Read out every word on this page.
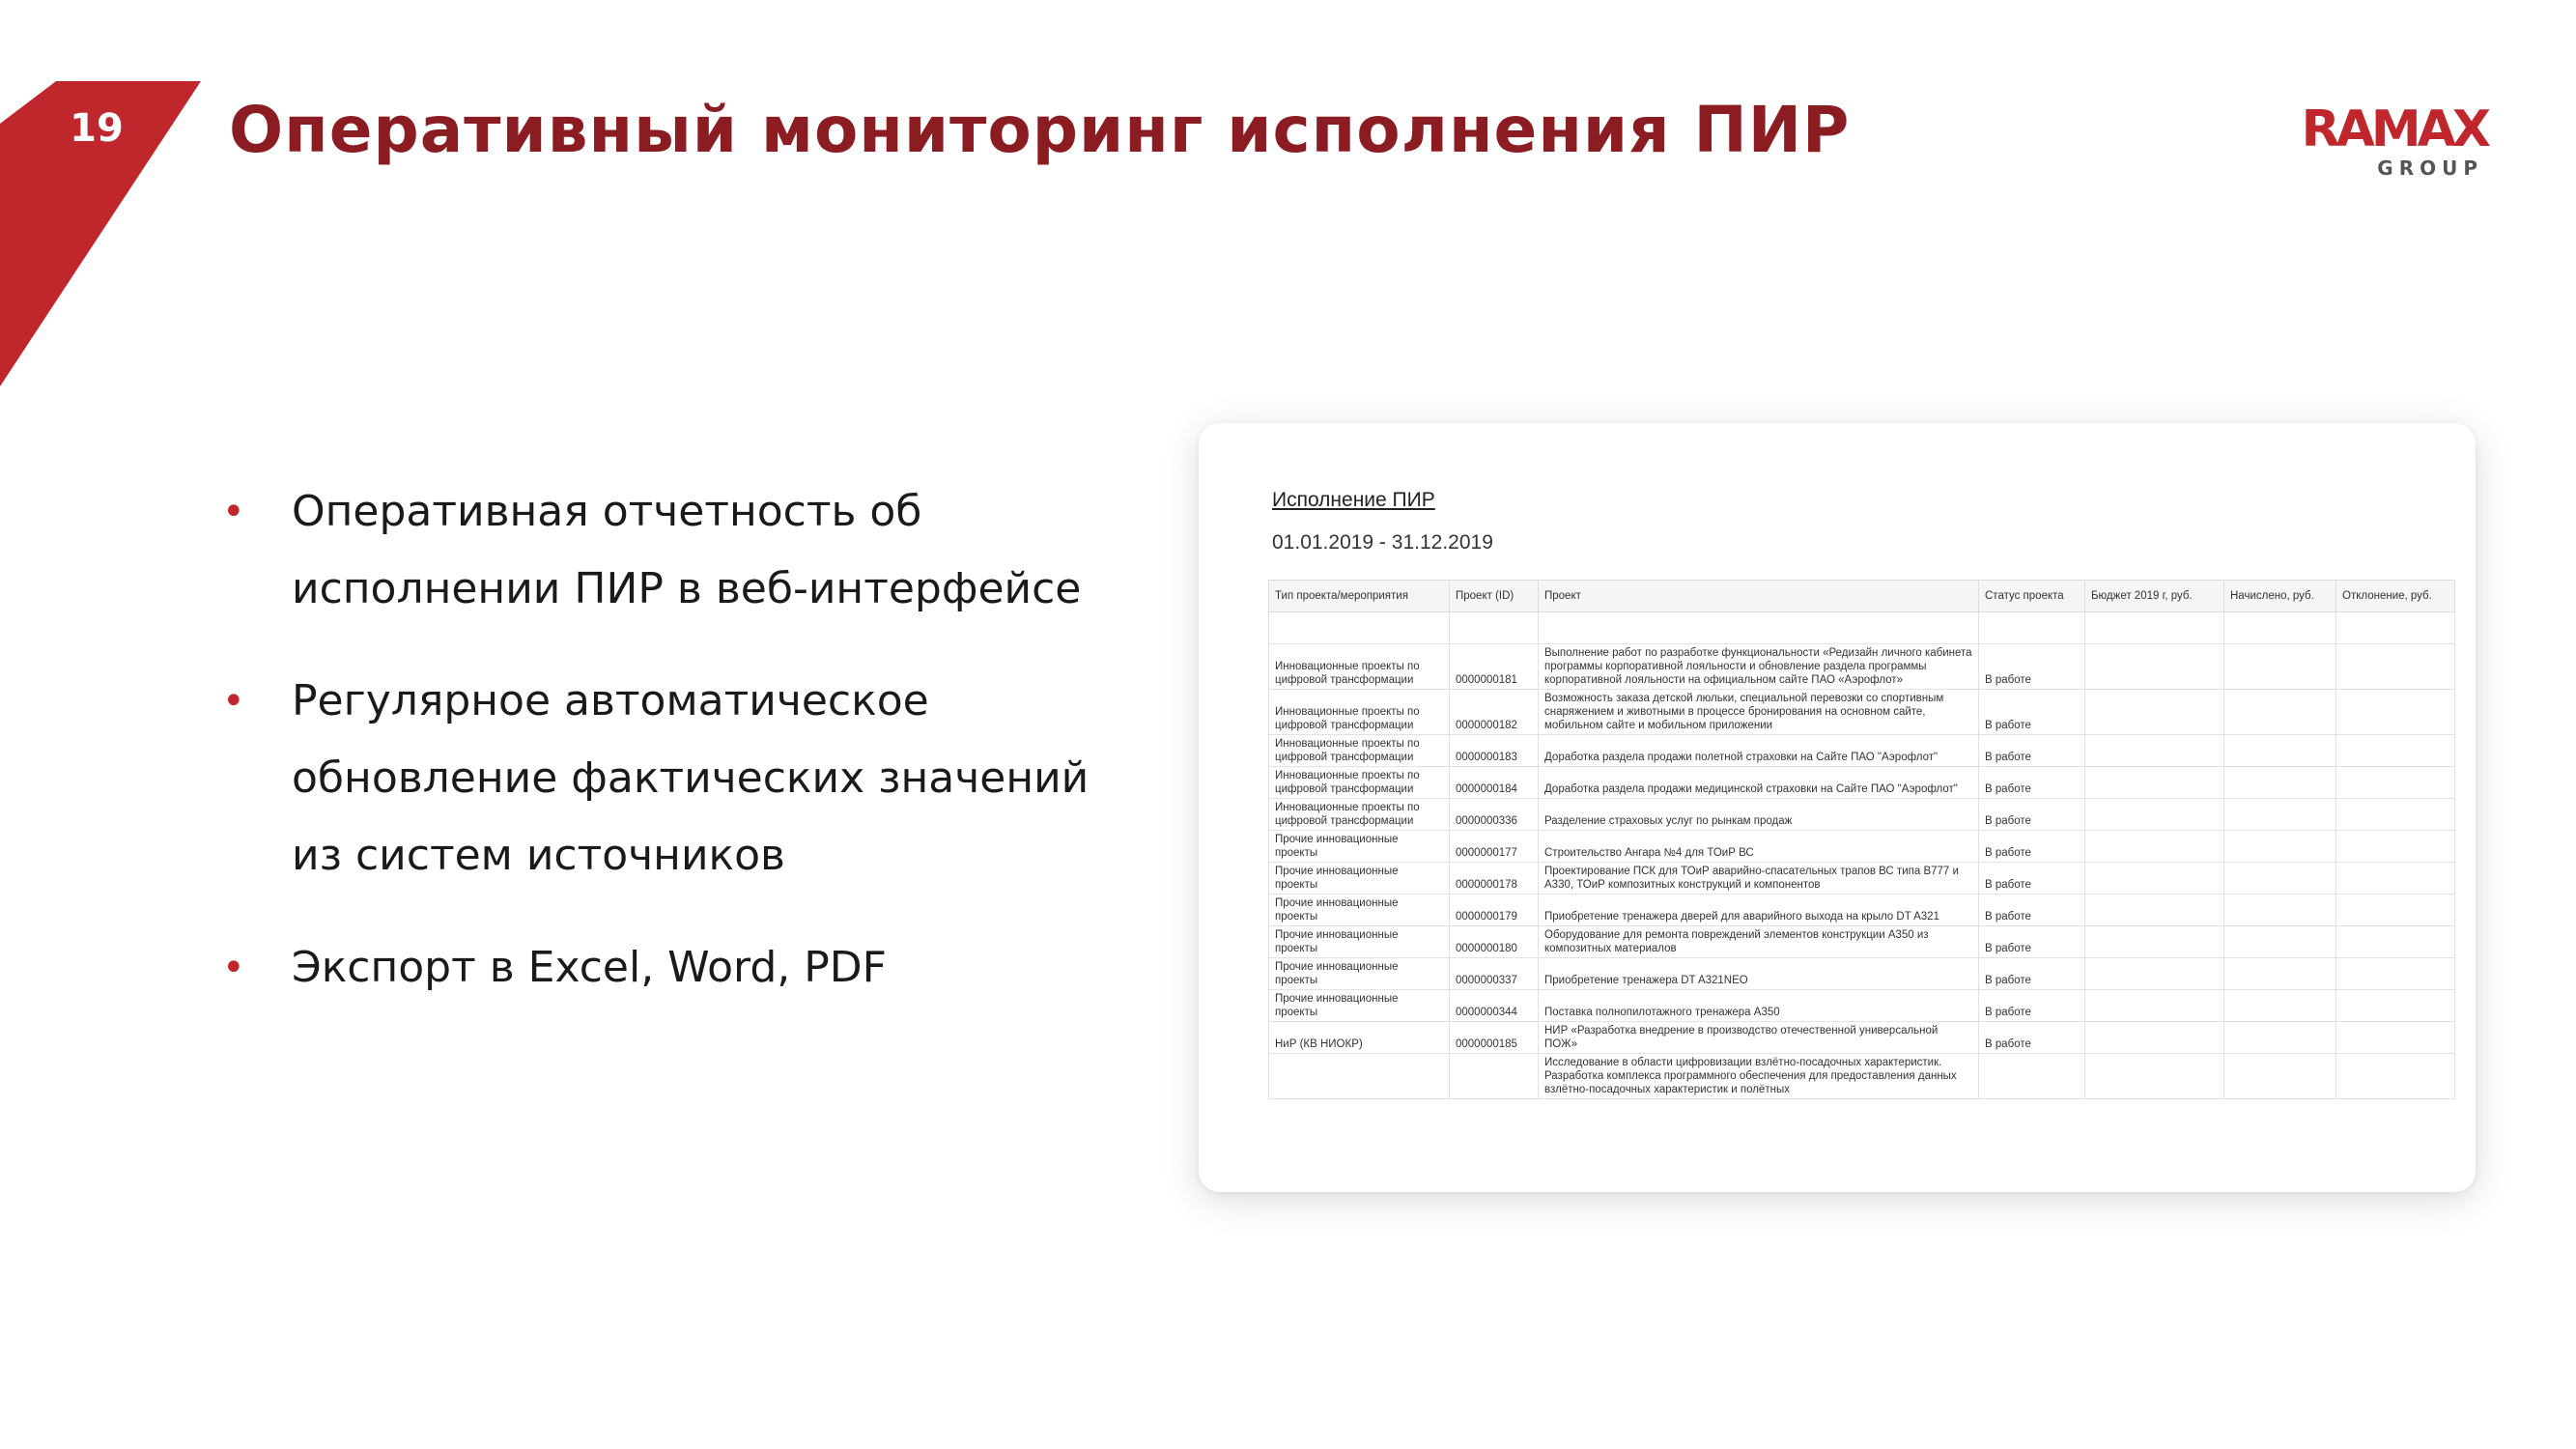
19 Оперативный мониторинг исполнения ПИР	RAMAX
GROUP
• Оперативная отчетность об исполнении ПИР в веб-интерфейсе
• Регулярное автоматическое обновление фактических значений из систем источников
• Экспорт в Excel, Word, PDF
Исполнение ПИР
01.01.2019 - 31.12.2019
Тип проекта/мероприятия	Проект (ID)	Проект	Статус проекта	Бюджет 2019 г, руб.	Начислено, руб.	Отклонение, руб.

Инновационные проекты по цифровой трансформации	0000000181	Выполнение работ по разработке функциональности «Редизайн личного кабинета программы корпоративной лояльности и обновление раздела программы корпоративной лояльности на официальном сайте ПАО «Аэрофлот»	В работе			
Инновационные проекты по цифровой трансформации	0000000182	Возможность заказа детской люльки, специальной перевозки со спортивным снаряжением и животными в процессе бронирования на основном сайте, мобильном сайте и мобильном приложении	В работе			
Инновационные проекты по цифровой трансформации	0000000183	Доработка раздела продажи полетной страховки на Сайте ПАО "Аэрофлот"	В работе			
Инновационные проекты по цифровой трансформации	0000000184	Доработка раздела продажи медицинской страховки на Сайте ПАО "Аэрофлот"	В работе			
Инновационные проекты по цифровой трансформации	0000000336	Разделение страховых услуг по рынкам продаж	В работе			
Прочие инновационные проекты	0000000177	Строительство Ангара №4 для ТОиР ВС	В работе			
Прочие инновационные проекты	0000000178	Проектирование ПСК для ТОиР аварийно-спасательных трапов ВС типа B777 и A330, ТОиР композитных конструкций и компонентов	В работе			
Прочие инновационные проекты	0000000179	Приобретение тренажера дверей для аварийного выхода на крыло DT A321	В работе			
Прочие инновационные проекты	0000000180	Оборудование для ремонта повреждений элементов конструкции A350 из композитных материалов	В работе			
Прочие инновационные проекты	0000000337	Приобретение тренажера DT A321NEO	В работе			
Прочие инновационные проекты	0000000344	Поставка полнопилотажного тренажера A350	В работе			
НиР (КВ НИОКР)	0000000185	НИР «Разработка внедрение в производство отечественной универсальной ПОЖ»	В работе			
		Исследование в области цифровизации взлётно-посадочных характеристик. Разработка комплекса программного обеспечения для предоставления данных взлётно-посадочных характеристик и полётных				
